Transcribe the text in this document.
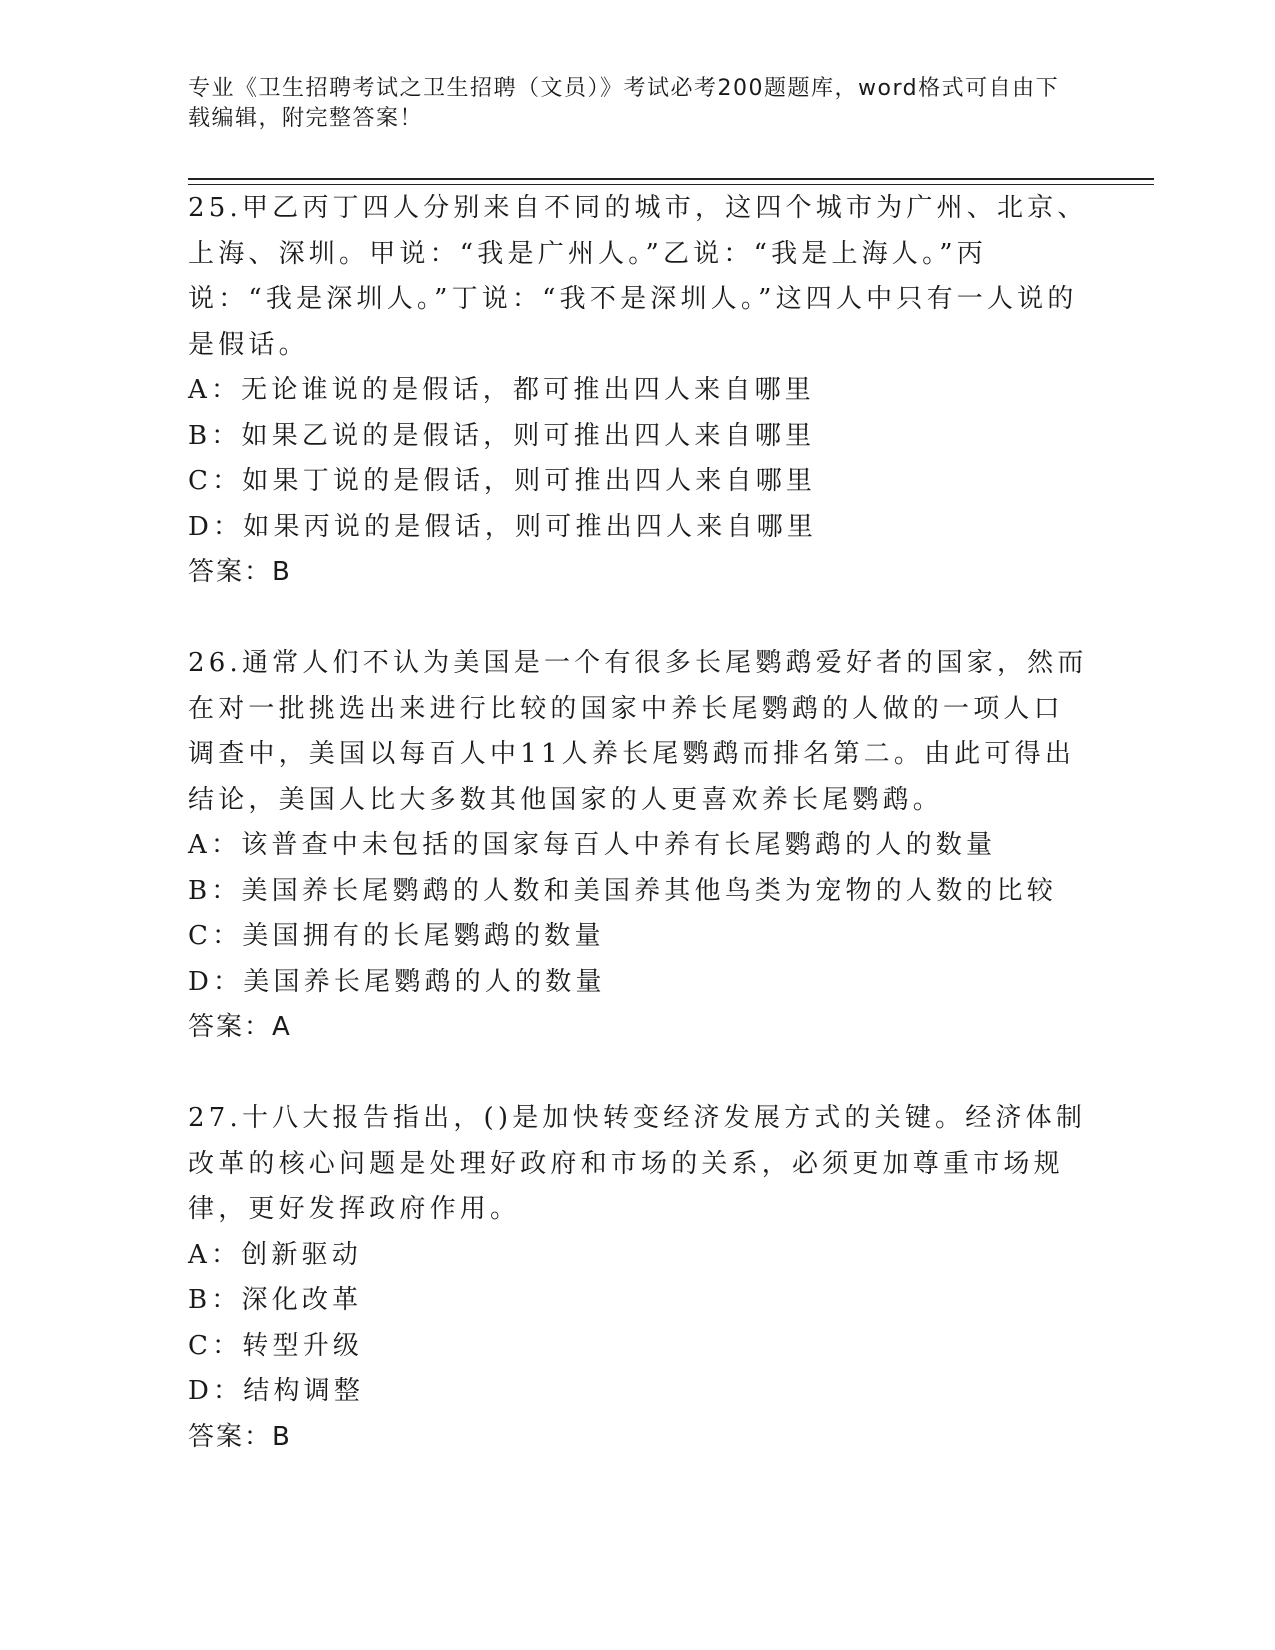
专业《卫生招聘考试之卫生招聘（文员）》考试必考200题题库，word格式可自由下载编辑，附完整答案！

25.甲乙丙丁四人分别来自不同的城市，这四个城市为广州、北京、上海、深圳。甲说：“我是广州人。”乙说：“我是上海人。”丙说：“我是深圳人。”丁说：“我不是深圳人。”这四人中只有一人说的是假话。

A：无论谁说的是假话，都可推出四人来自哪里

B：如果乙说的是假话，则可推出四人来自哪里

C：如果丁说的是假话，则可推出四人来自哪里

D：如果丙说的是假话，则可推出四人来自哪里

答案：B

26.通常人们不认为美国是一个有很多长尾鹦鹉爱好者的国家，然而在对一批挑选出来进行比较的国家中养长尾鹦鹉的人做的一项人口调查中，美国以每百人中11人养长尾鹦鹉而排名第二。由此可得出结论，美国人比大多数其他国家的人更喜欢养长尾鹦鹉。

A：该普查中未包括的国家每百人中养有长尾鹦鹉的人的数量

B：美国养长尾鹦鹉的人数和美国养其他鸟类为宠物的人数的比较

C：美国拥有的长尾鹦鹉的数量

D：美国养长尾鹦鹉的人的数量

答案：A

27.十八大报告指出，()是加快转变经济发展方式的关键。经济体制改革的核心问题是处理好政府和市场的关系，必须更加尊重市场规律，更好发挥政府作用。

A：创新驱动

B：深化改革

C：转型升级

D：结构调整

答案：B
